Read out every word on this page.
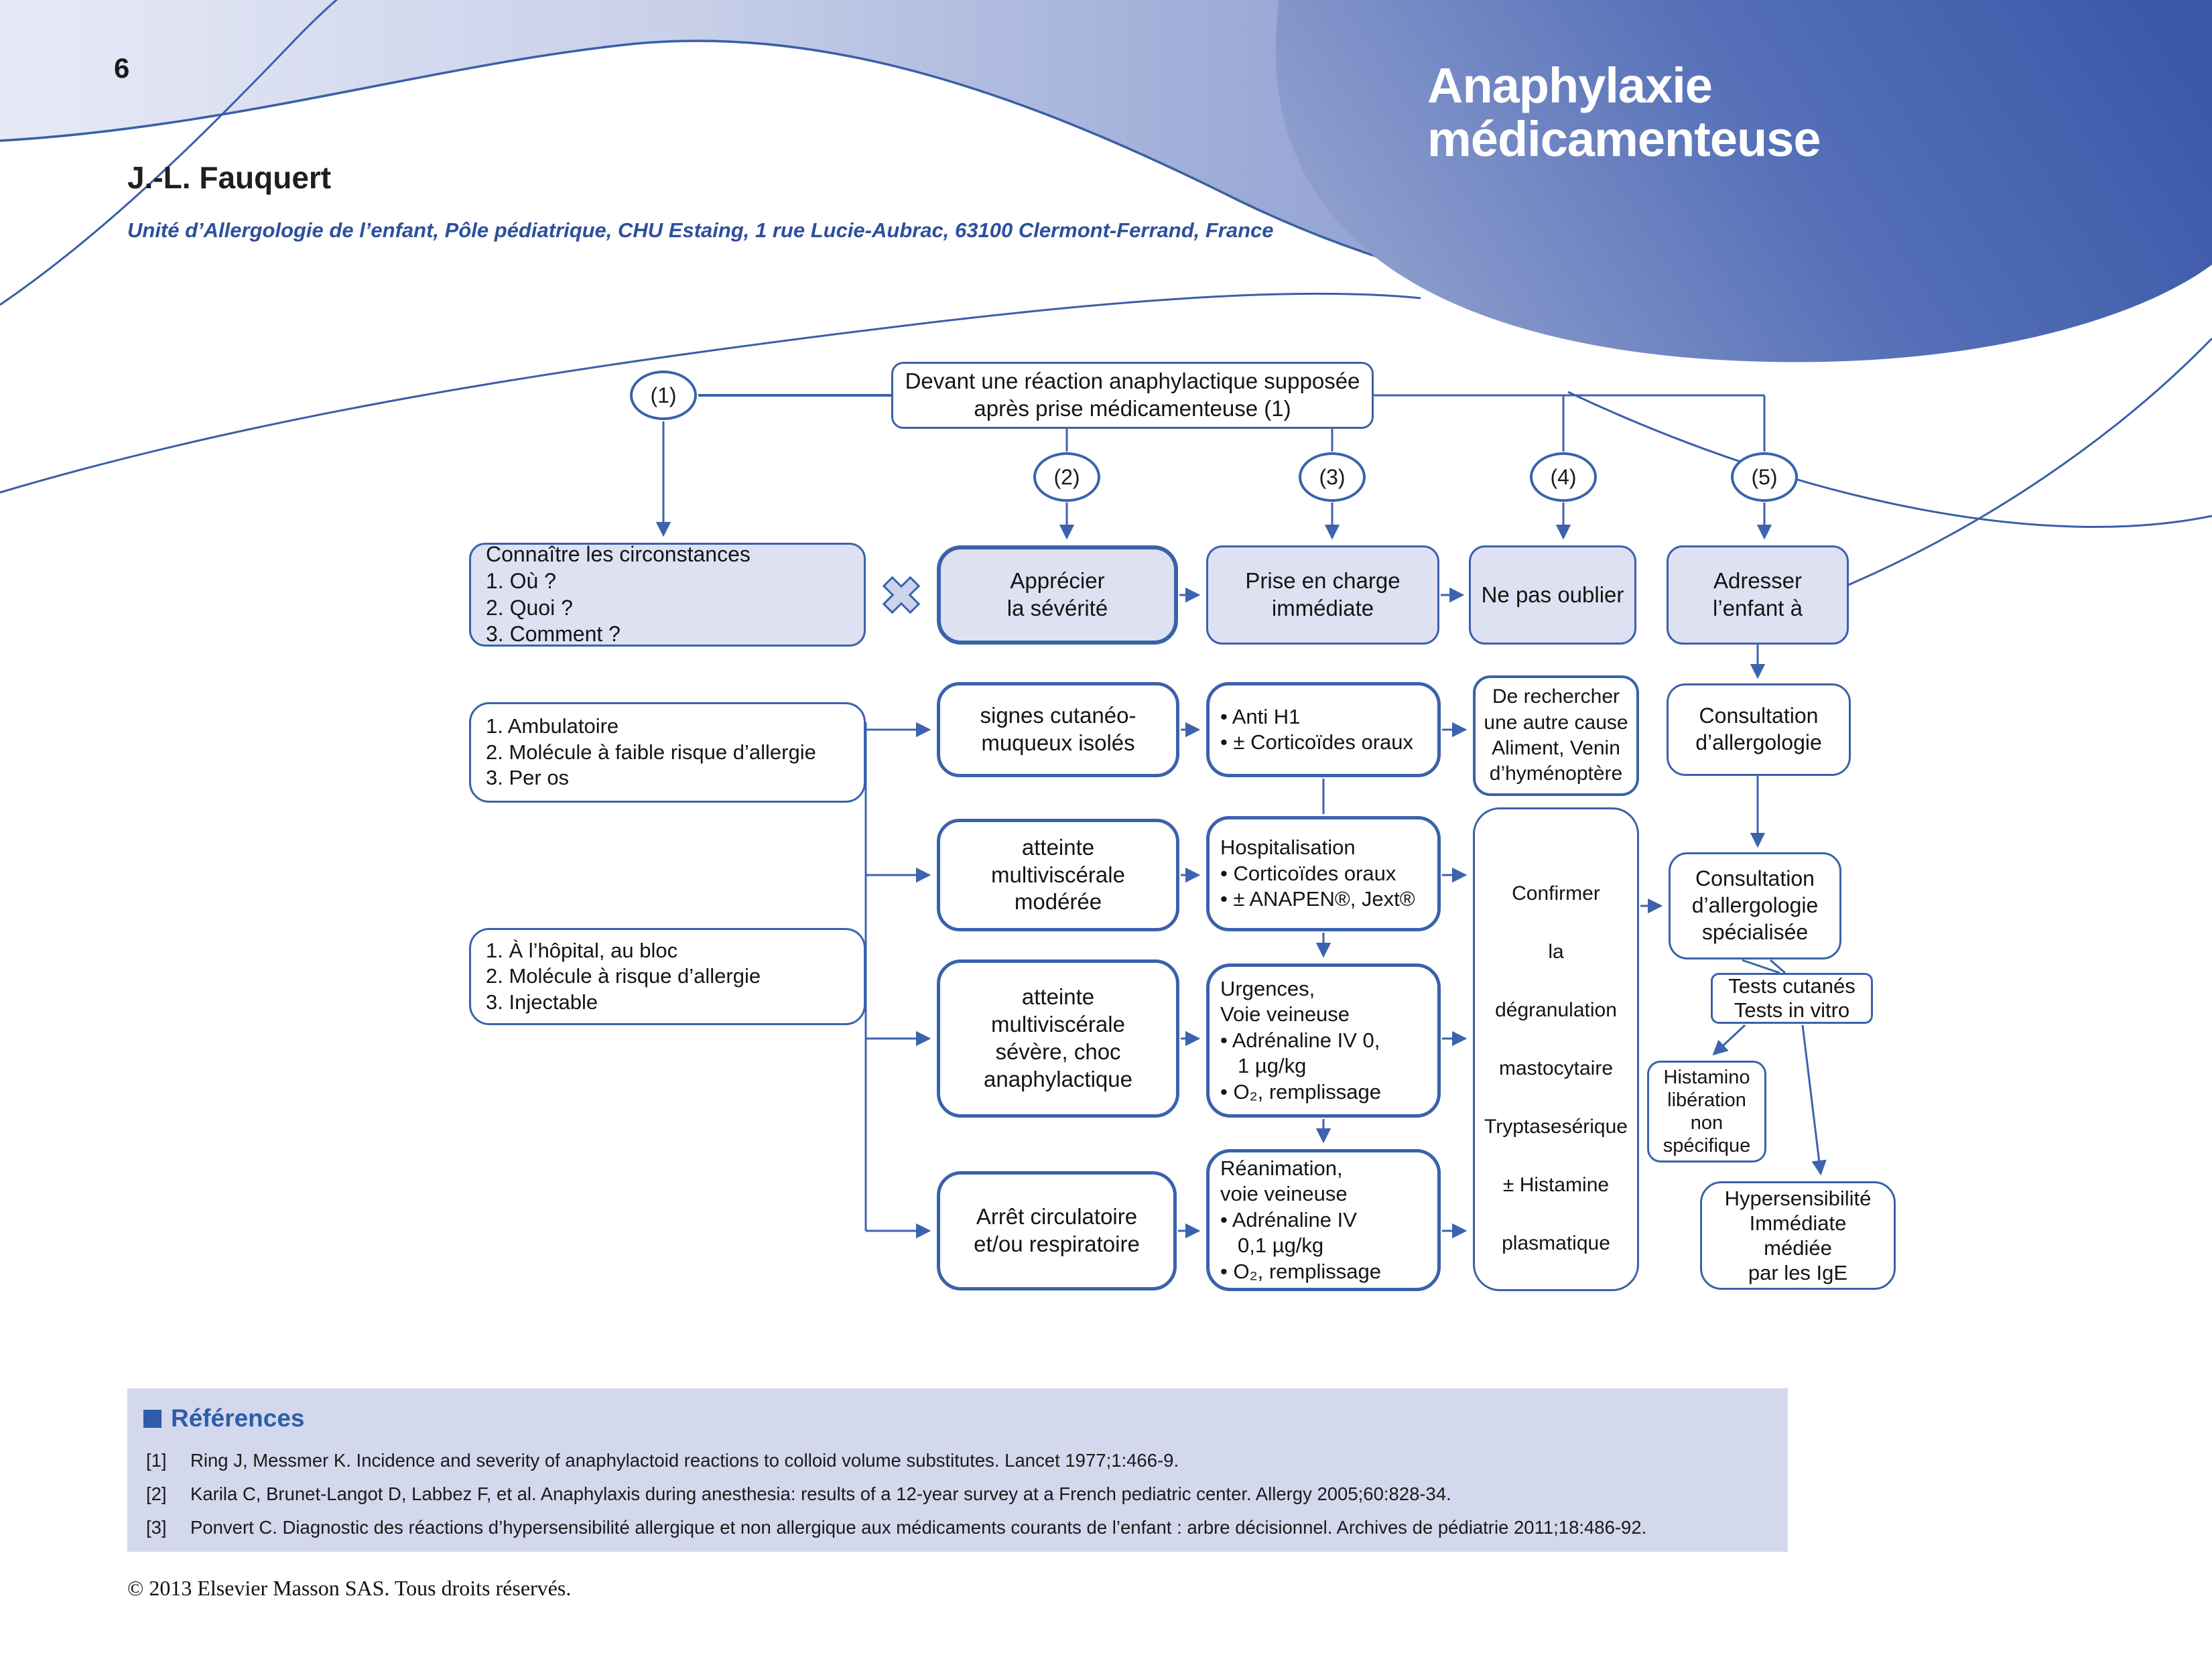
6
J.-L. Fauquert
Unité d’Allergologie de l’enfant, Pôle pédiatrique, CHU Estaing, 1 rue Lucie-Aubrac, 63100 Clermont-Ferrand, France
Anaphylaxie
médicamenteuse
Devant une réaction anaphylactique supposée
après prise médicamenteuse (1)
(1)
(2)	(3)	(4)	(5)
Connaître les circonstances
1. Où ?
2. Quoi ?
3. Comment ?
Apprécier
la sévérité
Prise en charge
immédiate
Ne pas oublier
Adresser
l’enfant à
1. Ambulatoire
2. Molécule à faible risque d’allergie
3. Per os
1. À l’hôpital, au bloc
2. Molécule à risque d’allergie
3. Injectable
signes cutanéo-
muqueux isolés
atteinte
multiviscérale
modérée
atteinte
multiviscérale
sévère, choc
anaphylactique
Arrêt circulatoire
et/ou respiratoire
• Anti H1
• ± Corticoïdes oraux
Hospitalisation
• Corticoïdes oraux
• ± ANAPEN®, Jext®
Urgences,
Voie veineuse
• Adrénaline IV 0,
1 µg/kg
• O₂, remplissage
Réanimation,
voie veineuse
• Adrénaline IV
0,1 µg/kg
• O₂, remplissage
De rechercher
une autre cause
Aliment, Venin
d’hyménoptère
Confirmer
la
dégranulation
mastocytaire
Tryptasesérique
± Histamine
plasmatique
Consultation
d’allergologie
Consultation
d’allergologie
spécialisée
Tests cutanés
Tests in vitro
Histamino
libération
non
spécifique
Hypersensibilité
Immédiate
médiée
par les IgE
Références
[1]	Ring J, Messmer K. Incidence and severity of anaphylactoid reactions to colloid volume substitutes. Lancet 1977;1:466-9.
[2]	Karila C, Brunet-Langot D, Labbez F, et al. Anaphylaxis during anesthesia: results of a 12-year survey at a French pediatric center. Allergy 2005;60:828-34.
[3]	Ponvert C. Diagnostic des réactions d’hypersensibilité allergique et non allergique aux médicaments courants de l’enfant : arbre décisionnel. Archives de pédiatrie 2011;18:486-92.
© 2013 Elsevier Masson SAS. Tous droits réservés.
